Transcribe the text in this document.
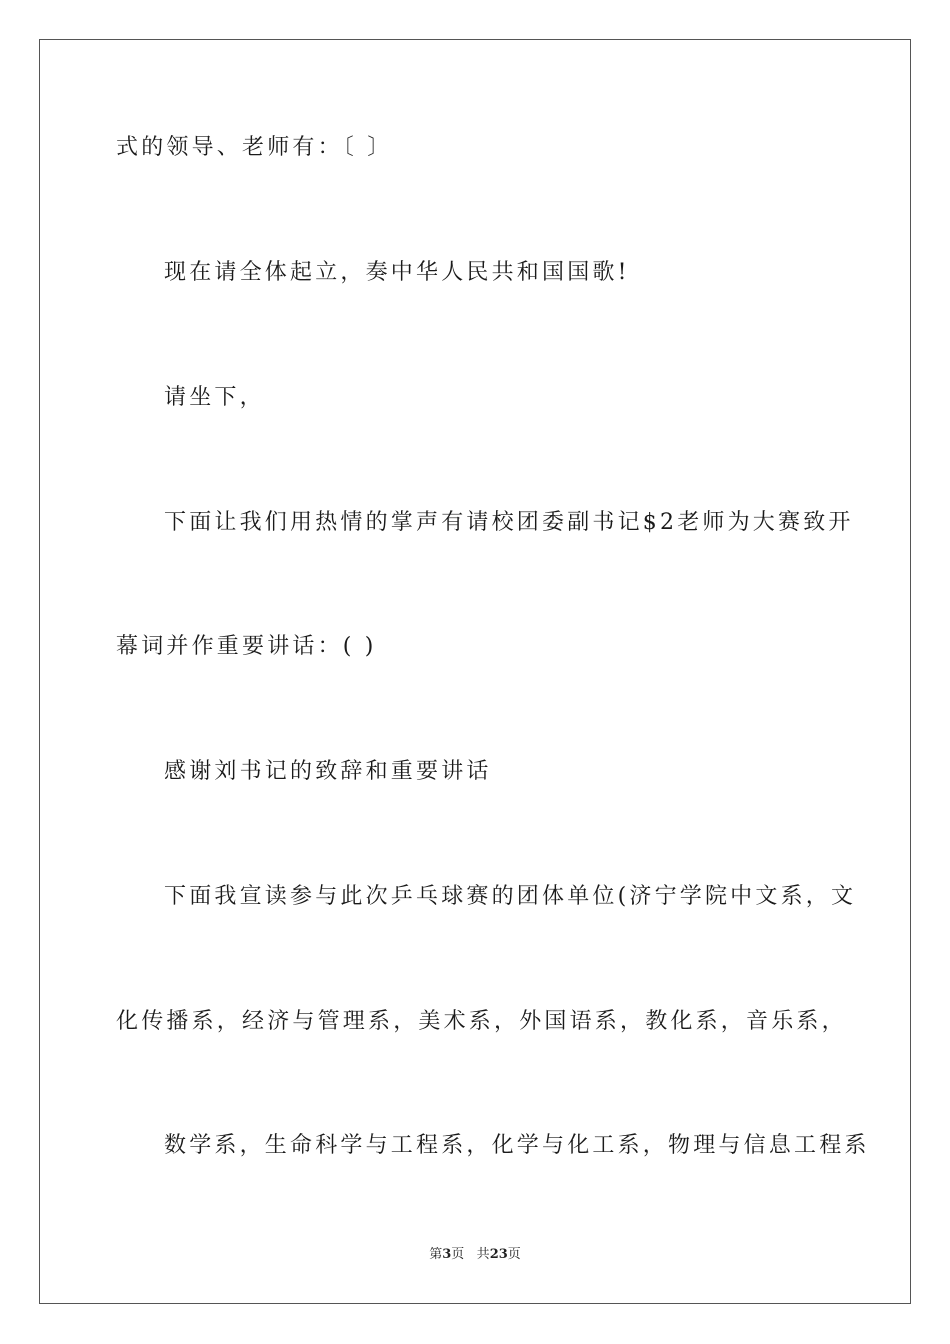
式的领导、老师有：〔 〕
现在请全体起立，奏中华人民共和国国歌!
请坐下，
下面让我们用热情的掌声有请校团委副书记$2老师为大赛致开
幕词并作重要讲话：( )
感谢刘书记的致辞和重要讲话
下面我宣读参与此次乒乓球赛的团体单位(济宁学院中文系，文
化传播系，经济与管理系，美术系，外国语系，教化系，音乐系，
数学系，生命科学与工程系，化学与化工系，物理与信息工程系
第3页 共23页
